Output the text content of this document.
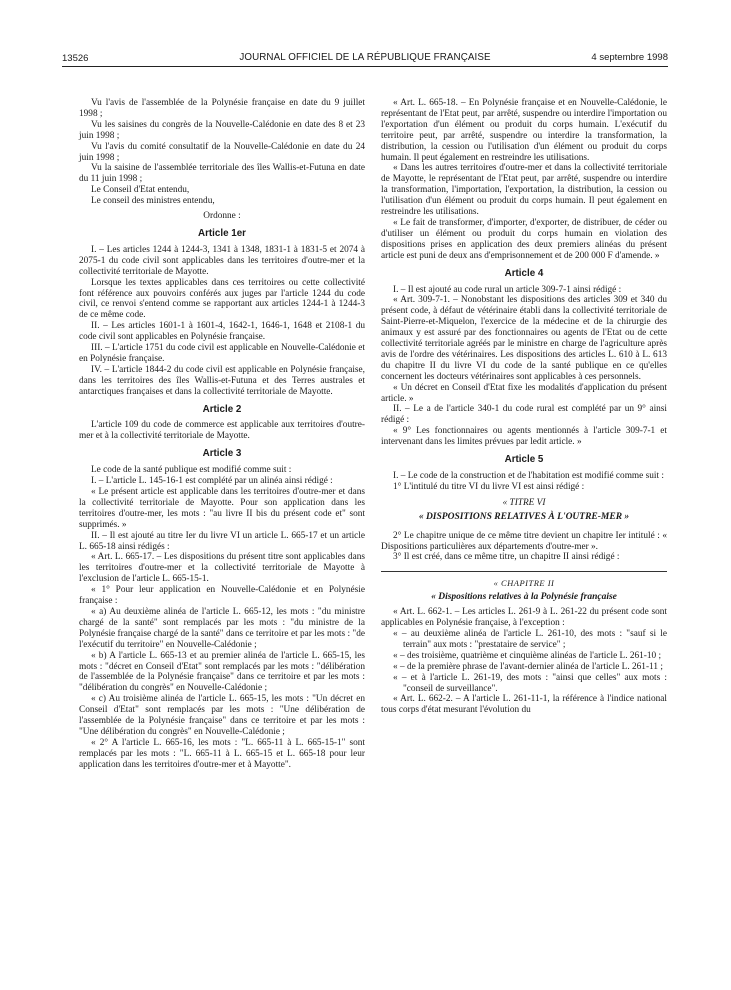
13526	JOURNAL OFFICIEL DE LA RÉPUBLIQUE FRANÇAISE	4 septembre 1998

Vu l'avis de l'assemblée de la Polynésie française en date du 9 juillet 1998 ;

Vu les saisines du congrès de la Nouvelle-Calédonie en date des 8 et 23 juin 1998 ;

Vu l'avis du comité consultatif de la Nouvelle-Calédonie en date du 24 juin 1998 ;

Vu la saisine de l'assemblée territoriale des îles Wallis-et-Futuna en date du 11 juin 1998 ;

Le Conseil d'Etat entendu,

Le conseil des ministres entendu,

Ordonne :

Article 1er

I. – Les articles 1244 à 1244-3, 1341 à 1348, 1831-1 à 1831-5 et 2074 à 2075-1 du code civil sont applicables dans les territoires d'outre-mer et la collectivité territoriale de Mayotte.

Lorsque les textes applicables dans ces territoires ou cette collectivité font référence aux pouvoirs conférés aux juges par l'article 1244 du code civil, ce renvoi s'entend comme se rapportant aux articles 1244-1 à 1244-3 de ce même code.

II. – Les articles 1601-1 à 1601-4, 1642-1, 1646-1, 1648 et 2108-1 du code civil sont applicables en Polynésie française.

III. – L'article 1751 du code civil est applicable en Nouvelle-Calédonie et en Polynésie française.

IV. – L'article 1844-2 du code civil est applicable en Polynésie française, dans les territoires des îles Wallis-et-Futuna et des Terres australes et antarctiques françaises et dans la collectivité territoriale de Mayotte.

Article 2

L'article 109 du code de commerce est applicable aux territoires d'outre-mer et à la collectivité territoriale de Mayotte.

Article 3

Le code de la santé publique est modifié comme suit :

I. – L'article L. 145-16-1 est complété par un alinéa ainsi rédigé :

« Le présent article est applicable dans les territoires d'outre-mer et dans la collectivité territoriale de Mayotte. Pour son application dans les territoires d'outre-mer, les mots : "au livre II bis du présent code et" sont supprimés. »

II. – Il est ajouté au titre Ier du livre VI un article L. 665-17 et un article L. 665-18 ainsi rédigés :

« Art. L. 665-17. – Les dispositions du présent titre sont applicables dans les territoires d'outre-mer et la collectivité territoriale de Mayotte à l'exclusion de l'article L. 665-15-1.

« 1° Pour leur application en Nouvelle-Calédonie et en Polynésie française :

« a) Au deuxième alinéa de l'article L. 665-12, les mots : "du ministre chargé de la santé" sont remplacés par les mots : "du ministre de la Polynésie française chargé de la santé" dans ce territoire et par les mots : "de l'exécutif du territoire" en Nouvelle-Calédonie ;

« b) A l'article L. 665-13 et au premier alinéa de l'article L. 665-15, les mots : "décret en Conseil d'Etat" sont remplacés par les mots : "délibération de l'assemblée de la Polynésie française" dans ce territoire et par les mots : "délibération du congrès" en Nouvelle-Calédonie ;

« c) Au troisième alinéa de l'article L. 665-15, les mots : "Un décret en Conseil d'Etat" sont remplacés par les mots : "Une délibération de l'assemblée de la Polynésie française" dans ce territoire et par les mots : "Une délibération du congrès" en Nouvelle-Calédonie ;

« 2° A l'article L. 665-16, les mots : "L. 665-11 à L. 665-15-1" sont remplacés par les mots : "L. 665-11 à L. 665-15 et L. 665-18 pour leur application dans les territoires d'outre-mer et à Mayotte".

« Art. L. 665-18. – En Polynésie française et en Nouvelle-Calédonie, le représentant de l'Etat peut, par arrêté, suspendre ou interdire l'importation ou l'exportation d'un élément ou produit du corps humain. L'exécutif du territoire peut, par arrêté, suspendre ou interdire la transformation, la distribution, la cession ou l'utilisation d'un élément ou produit du corps humain. Il peut également en restreindre les utilisations.

« Dans les autres territoires d'outre-mer et dans la collectivité territoriale de Mayotte, le représentant de l'Etat peut, par arrêté, suspendre ou interdire la transformation, l'importation, l'exportation, la distribution, la cession ou l'utilisation d'un élément ou produit du corps humain. Il peut également en restreindre les utilisations.

« Le fait de transformer, d'importer, d'exporter, de distribuer, de céder ou d'utiliser un élément ou produit du corps humain en violation des dispositions prises en application des deux premiers alinéas du présent article est puni de deux ans d'emprisonnement et de 200 000 F d'amende. »

Article 4

I. – Il est ajouté au code rural un article 309-7-1 ainsi rédigé :

« Art. 309-7-1. – Nonobstant les dispositions des articles 309 et 340 du présent code, à défaut de vétérinaire établi dans la collectivité territoriale de Saint-Pierre-et-Miquelon, l'exercice de la médecine et de la chirurgie des animaux y est assuré par des fonctionnaires ou agents de l'Etat ou de cette collectivité territoriale agréés par le ministre en charge de l'agriculture après avis de l'ordre des vétérinaires. Les dispositions des articles L. 610 à L. 613 du chapitre II du livre VI du code de la santé publique en ce qu'elles concernent les docteurs vétérinaires sont applicables à ces personnels.

« Un décret en Conseil d'Etat fixe les modalités d'application du présent article. »

II. – Le a de l'article 340-1 du code rural est complété par un 9° ainsi rédigé :

« 9° Les fonctionnaires ou agents mentionnés à l'article 309-7-1 et intervenant dans les limites prévues par ledit article. »

Article 5

I. – Le code de la construction et de l'habitation est modifié comme suit :

1° L'intitulé du titre VI du livre VI est ainsi rédigé :

« TITRE VI
« DISPOSITIONS RELATIVES À L'OUTRE-MER »

2° Le chapitre unique de ce même titre devient un chapitre Ier intitulé : « Dispositions particulières aux départements d'outre-mer ».

3° Il est créé, dans ce même titre, un chapitre II ainsi rédigé :

« CHAPITRE II
« Dispositions relatives à la Polynésie française

« Art. L. 662-1. – Les articles L. 261-9 à L. 261-22 du présent code sont applicables en Polynésie française, à l'exception :

« – au deuxième alinéa de l'article L. 261-10, des mots : "sauf si le terrain" aux mots : "prestataire de service" ;

« – des troisième, quatrième et cinquième alinéas de l'article L. 261-10 ;

« – de la première phrase de l'avant-dernier alinéa de l'article L. 261-11 ;

« – et à l'article L. 261-19, des mots : "ainsi que celles" aux mots : "conseil de surveillance".

« Art. L. 662-2. – A l'article L. 261-11-1, la référence à l'indice national tous corps d'état mesurant l'évolution du
